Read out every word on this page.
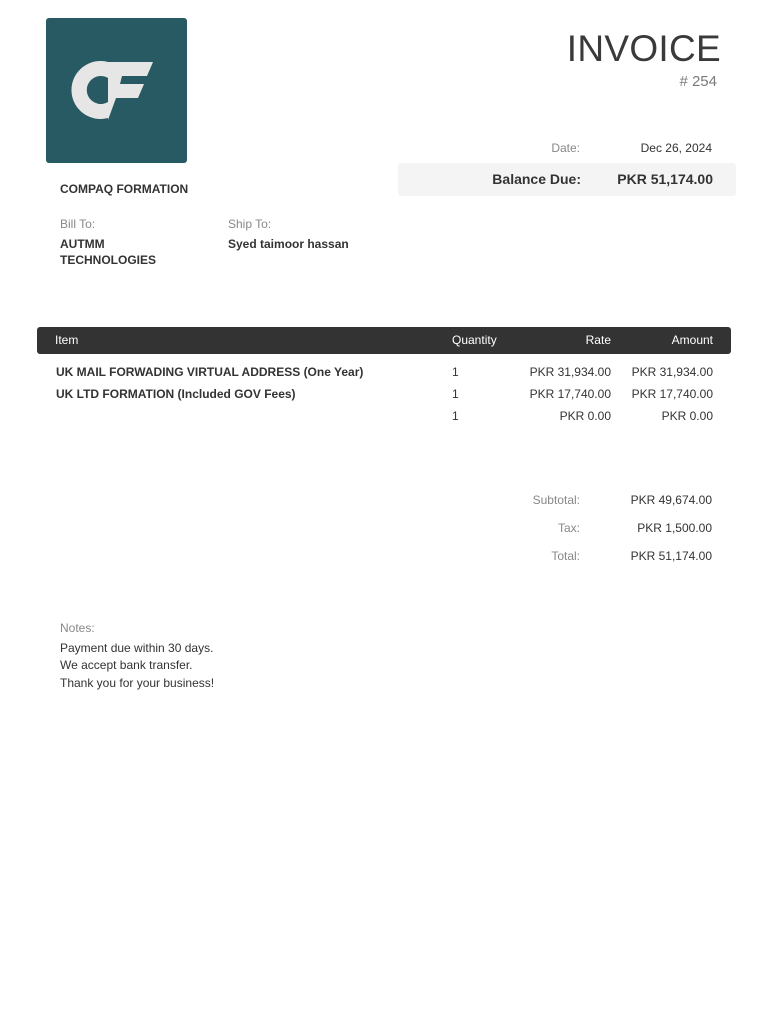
INVOICE
# 254
COMPAQ FORMATION
Date:	Dec 26, 2024
Balance Due:	PKR 51,174.00
Bill To:
AUTMM TECHNOLOGIES
Ship To:
Syed taimoor hassan
Item	Quantity	Rate	Amount
UK MAIL FORWADING VIRTUAL ADDRESS (One Year)	1	PKR 31,934.00 PKR 31,934.00
UK LTD FORMATION (Included GOV Fees)	1	PKR 17,740.00 PKR 17,740.00
1	PKR 0.00	PKR 0.00
Subtotal:	PKR 49,674.00
Tax:	PKR 1,500.00
Total:	PKR 51,174.00
Notes:
Payment due within 30 days.
We accept bank transfer.
Thank you for your business!
